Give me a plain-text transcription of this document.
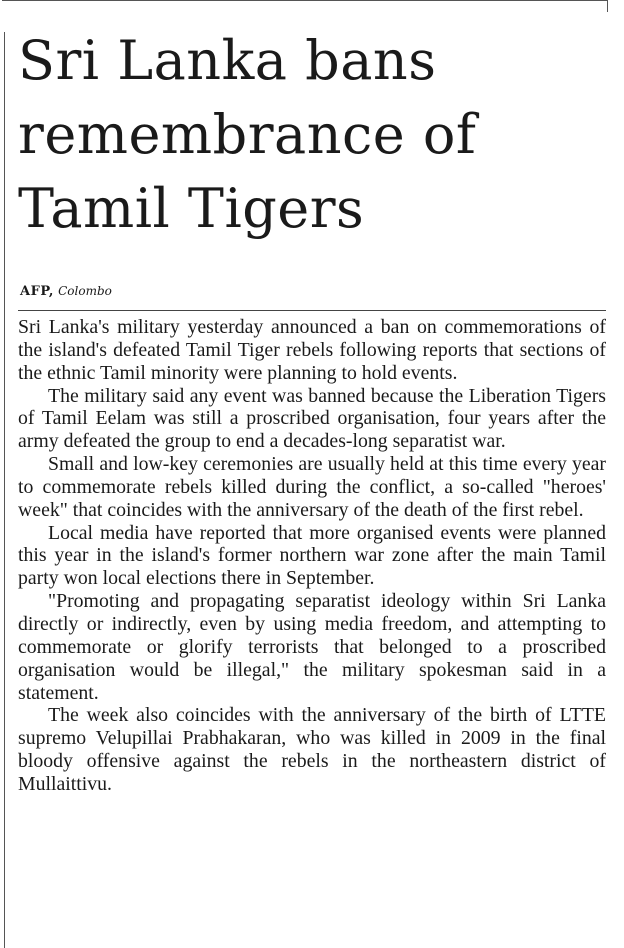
Sri Lanka bans remembrance of Tamil Tigers
AFP, Colombo

Sri Lanka's military yesterday announced a ban on commemorations of the island's defeated Tamil Tiger rebels following reports that sections of the ethnic Tamil minority were planning to hold events.

The military said any event was banned because the Liberation Tigers of Tamil Eelam was still a proscribed organisation, four years after the army defeated the group to end a decades-long separatist war.

Small and low-key ceremonies are usually held at this time every year to commemorate rebels killed during the conflict, a so-called "heroes' week" that coincides with the anniversary of the death of the first rebel.

Local media have reported that more organised events were planned this year in the island's former northern war zone after the main Tamil party won local elections there in September.

"Promoting and propagating separatist ideology within Sri Lanka directly or indirectly, even by using media freedom, and attempting to commemorate or glorify terrorists that belonged to a proscribed organisation would be illegal," the military spokesman said in a statement.

The week also coincides with the anniversary of the birth of LTTE supremo Velupillai Prabhakaran, who was killed in 2009 in the final bloody offensive against the rebels in the northeastern district of Mullaittivu.
